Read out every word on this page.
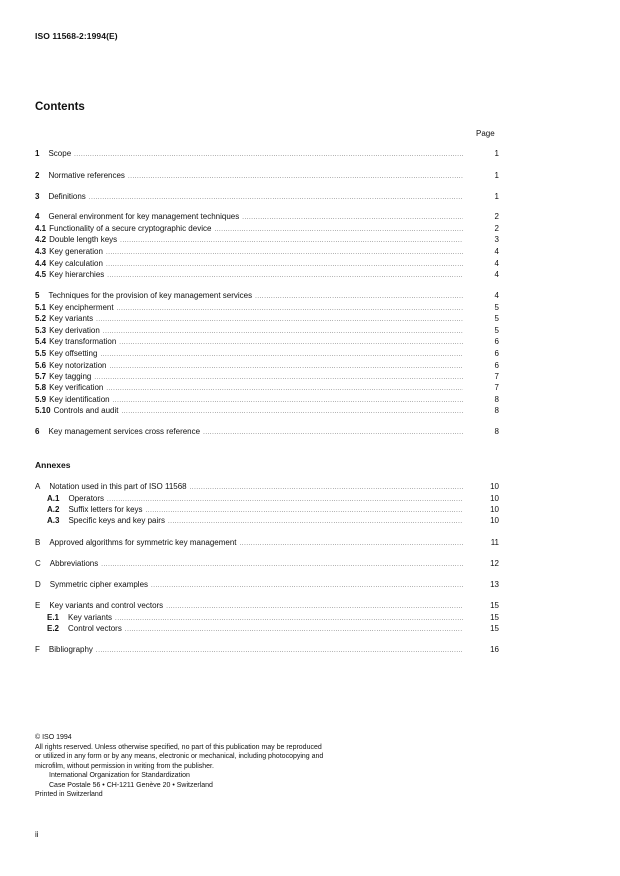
ISO 11568-2:1994(E)
Contents
Page
1 Scope .....	1
2 Normative references .....	1
3 Definitions .....	1
4 General environment for key management techniques .....	2
4.1 Functionality of a secure cryptographic device .....	2
4.2 Double length keys .....	3
4.3 Key generation .....	4
4.4 Key calculation .....	4
4.5 Key hierarchies .....	4
5 Techniques for the provision of key management services .....	4
5.1 Key encipherment .....	5
5.2 Key variants .....	5
5.3 Key derivation .....	5
5.4 Key transformation .....	6
5.5 Key offsetting .....	6
5.6 Key notorization .....	6
5.7 Key tagging .....	7
5.8 Key verification .....	7
5.9 Key identification .....	8
5.10 Controls and audit .....	8
6 Key management services cross reference .....	8
Annexes
A Notation used in this part of ISO 11568 .....	10
A.1 Operators .....	10
A.2 Suffix letters for keys .....	10
A.3 Specific keys and key pairs .....	10
B Approved algorithms for symmetric key management .....	11
C Abbreviations .....	12
D Symmetric cipher examples .....	13
E Key variants and control vectors .....	15
E.1 Key variants .....	15
E.2 Control vectors .....	15
F Bibliography .....	16
© ISO 1994
All rights reserved. Unless otherwise specified, no part of this publication may be reproduced
or utilized in any form or by any means, electronic or mechanical, including photocopying and
microfilm, without permission in writing from the publisher.
International Organization for Standardization
Case Postale 56 • CH-1211 Genève 20 • Switzerland
Printed in Switzerland
ii
